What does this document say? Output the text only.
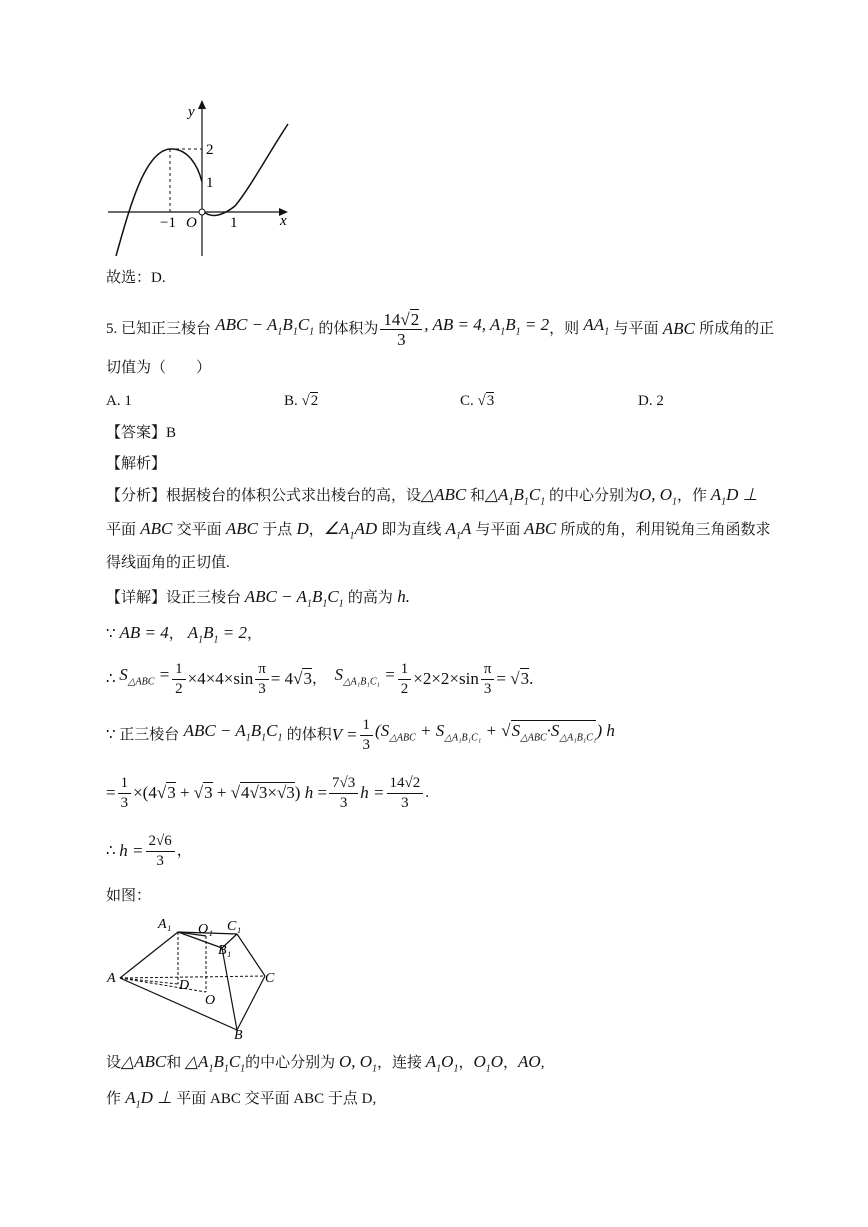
y
x
O
−1	1
2
1
故选：D.
5.
已知正三棱台 ABC − $A_1B_1C_1$ 的体积为 $\frac{14√2}{3}$ , AB = 4, $A_1B_1 = 2$ ，则 $AA_1$ 与平面 ABC 所成角的正
切值为（　　）
A. 1	B. √2	C. √3	D. 2
【答案】B
【解析】
【分析】根据棱台的体积公式求出棱台的高，设△ABC 和$\triangle A_1B_1C_1$ 的中心分别为O, $O_1$，作 $A_1D$ ⊥
平面 ABC 交平面 ABC 于点 D，$\angle A_1AD$ 即为直线 $A_1A$ 与平面 ABC 所成的角，利用锐角三角函数求
得线面角的正切值.
【详解】设正三棱台 ABC − $A_1B_1C_1$ 的高为 h.
∵ AB = 4， $A_1B_1 = 2$，
∴
$S_{\triangle ABC} = \frac{1}{2} \times 4\times 4\times\sin \frac{\pi}{3} = 4√3$ ， $S_{\triangle A_1B_1C_1} = \frac{1}{2} \times 2\times 2\times\sin \frac{\pi}{3} = √3$.
∵
正三棱台 ABC − $A_1B_1C_1$ 的体积 $V = \frac{1}{3} (S_{\triangle ABC} + S_{\triangle A_1B_1C_1} + √S_{\triangle ABC}\cdot S_{\triangle A_1B_1C_1})$ h
= $\frac{1}{3} \times(4√3 + √3 + √4√3\times√3) h = \frac{7√3}{3}$ $h = \frac{14√2}{3}$ .
∴
$h = \frac{2√6}{3}$ ，
如图：
A₁ O₁ C₁
B₁
A	D
O
C
B
设△ABC和 $\triangle A_1B_1C_1$的中心分别为 O, $O_1$，连接 $A_1O_1$，$O_1O$，AO,
作 $A_1D$ ⊥ 平面 ABC 交平面 ABC 于点 D,
